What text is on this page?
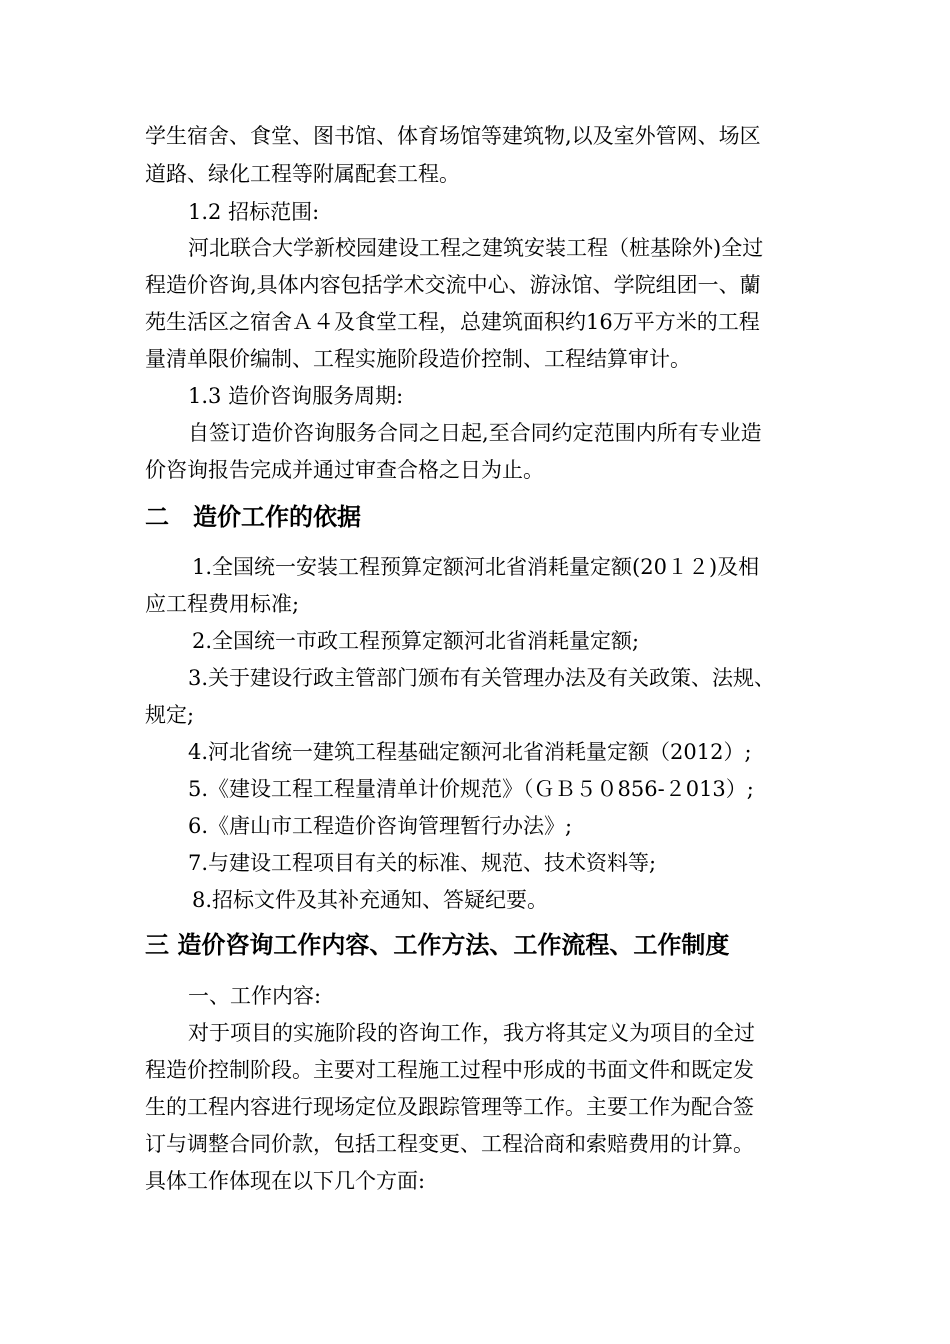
学生宿舍、食堂、图书馆、体育场馆等建筑物,以及室外管网、场区

道路、绿化工程等附属配套工程。

1.2 招标范围:

河北联合大学新校园建设工程之建筑安装工程（桩基除外)全过

程造价咨询,具体内容包括学术交流中心、游泳馆、学院组团一、蘭

苑生活区之宿舍Ａ４及食堂工程，总建筑面积约16万平方米的工程

量清单限价编制、工程实施阶段造价控制、工程结算审计。

1.3 造价咨询服务周期:

自签订造价咨询服务合同之日起,至合同约定范围内所有专业造

价咨询报告完成并通过审查合格之日为止。

二　造价工作的依据

1.全国统一安装工程预算定额河北省消耗量定额(20１２)及相

应工程费用标准;

2.全国统一市政工程预算定额河北省消耗量定额;

3.关于建设行政主管部门颁布有关管理办法及有关政策、法规、

规定;

4.河北省统一建筑工程基础定额河北省消耗量定额（2012）;

5.《建设工程工程量清单计价规范》（ＧＢ５０856-２013）;

6.《唐山市工程造价咨询管理暂行办法》;

7.与建设工程项目有关的标准、规范、技术资料等;

8.招标文件及其补充通知、答疑纪要。

三 造价咨询工作内容、工作方法、工作流程、工作制度

一、工作内容:

对于项目的实施阶段的咨询工作，我方将其定义为项目的全过

程造价控制阶段。主要对工程施工过程中形成的书面文件和既定发

生的工程内容进行现场定位及跟踪管理等工作。主要工作为配合签

订与调整合同价款，包括工程变更、工程洽商和索赔费用的计算。

具体工作体现在以下几个方面:
